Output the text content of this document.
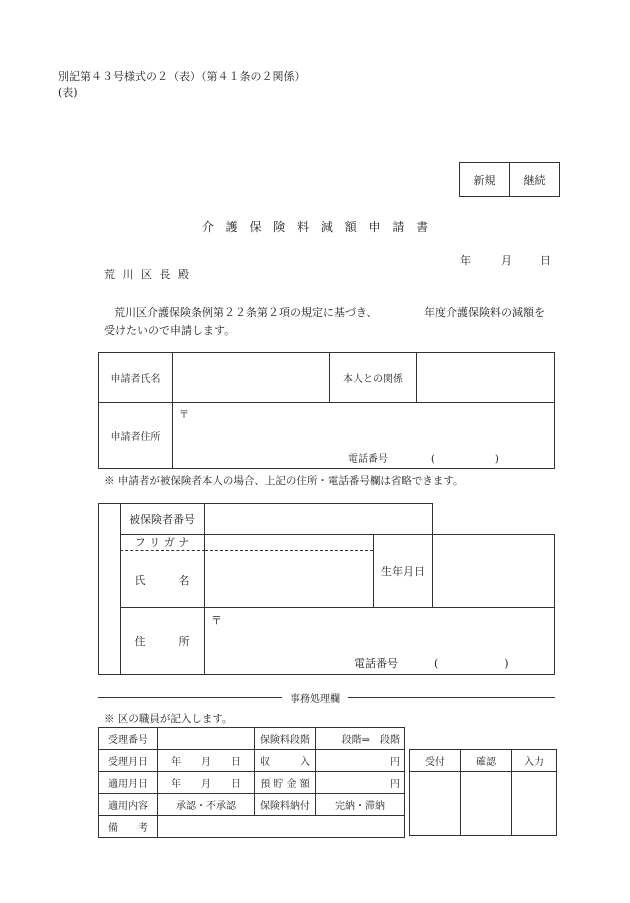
別記第４３号様式の２（表）（第４１条の２関係）
(表)
新規	継続
介 護 保 険 料 減 額 申 請 書
年	月	日
荒 川 区 長 殿
荒川区介護保険条例第２２条第２項の規定に基づき、	年度介護保険料の減額を
受けたいので申請します。
申請者氏名		本人との関係	
申請者住所	〒
電話番号 (　　　　　　)		
※ 申請者が被保険者本人の場合、上記の住所・電話番号欄は省略できます。
被保険者番号
フ リ ガ ナ
氏　　　名
生年月日
住　　　所
〒
電話番号	(　　　　　　)
事務処理欄
※ 区の職員が記入します。
受理番号		保険料段階	段階⇒　段階
受理月日	年　　月　　日	収　　　入	円
適用月日	年　　月　　日	預 貯 金 額	円
適用内容	承認・不承認	保険料納付	完納・滞納
備　　考			
受付	確認	入力
